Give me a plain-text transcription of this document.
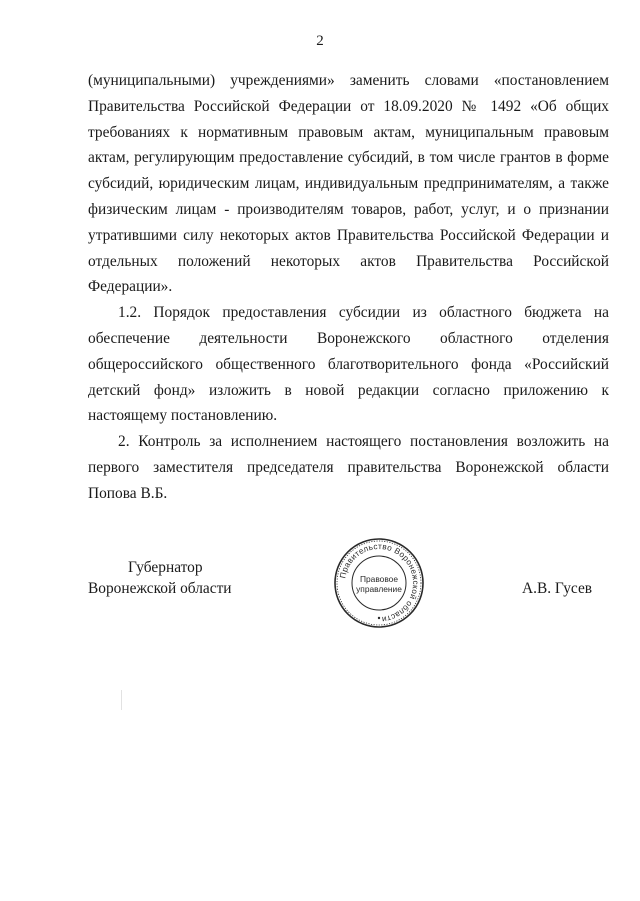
2

(муниципальными) учреждениями» заменить словами «постановлением Правительства Российской Федерации от 18.09.2020 № 1492 «Об общих требованиях к нормативным правовым актам, муниципальным правовым актам, регулирующим предоставление субсидий, в том числе грантов в форме субсидий, юридическим лицам, индивидуальным предпринимателям, а также физическим лицам - производителям товаров, работ, услуг, и о признании утратившими силу некоторых актов Правительства Российской Федерации и отдельных положений некоторых актов Правительства Российской Федерации».

1.2. Порядок предоставления субсидии из областного бюджета на обеспечение деятельности Воронежского областного отделения общероссийского общественного благотворительного фонда «Российский детский фонд» изложить в новой редакции согласно приложению к настоящему постановлению.

2. Контроль за исполнением настоящего постановления возложить на первого заместителя председателя правительства Воронежской области Попова В.Б.

Губернатор
Воронежской области
Правительство Воронежской области
Правовое
управление	А.В. Гусев
